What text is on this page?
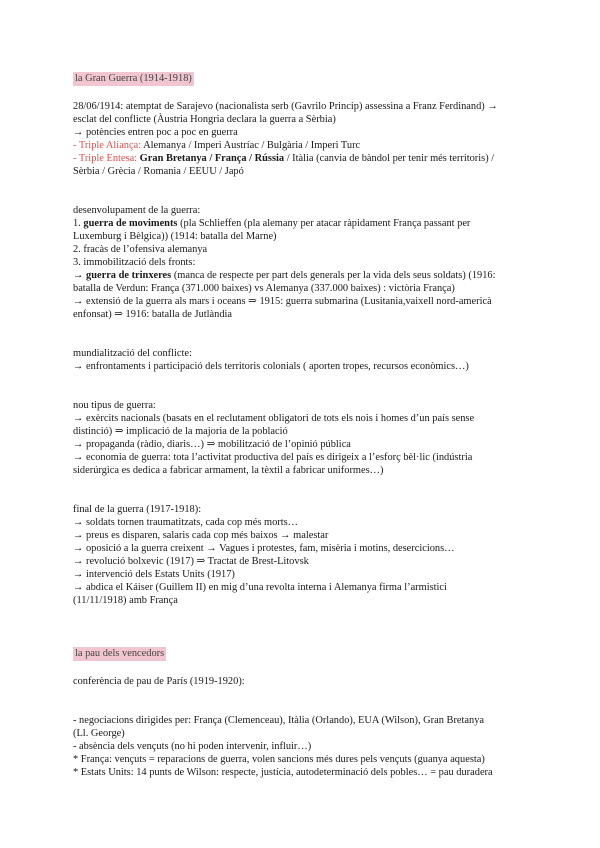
la Gran Guerra (1914-1918)

28/06/1914: atemptat de Sarajevo (nacionalista serb (Gavrilo Princip) assessina a Franz Ferdinand) →

esclat del conflicte (Àustria Hongria declara la guerra a Sèrbia)

→ potències entren poc a poc en guerra

- Triple Aliança: Alemanya / Imperi Austríac / Bulgària / Imperi Turc

- Triple Entesa: Gran Bretanya / França / Rússia / Itàlia (canvia de bàndol per tenir més territoris) /

Sèrbia / Grècia / Romania / EEUU / Japó

desenvolupament de la guerra:

1. guerra de moviments (pla Schlieffen (pla alemany per atacar ràpidament França passant per

Luxemburg i Bèlgica)) (1914: batalla del Marne)

2. fracàs de l’ofensiva alemanya

3. immobilització dels fronts:

→ guerra de trinxeres (manca de respecte per part dels generals per la vida dels seus soldats) (1916:

batalla de Verdun: França (371.000 baixes) vs Alemanya (337.000 baixes) : victòria França)

→ extensió de la guerra als mars i oceans ⇒ 1915: guerra submarina (Lusitania,vaixell nord-americà

enfonsat) ⇒ 1916: batalla de Jutlàndia

mundialització del conflicte:

→ enfrontaments i participació dels territoris colonials ( aporten tropes, recursos econòmics…)

nou tipus de guerra:

→ exèrcits nacionals (basats en el reclutament obligatori de tots els nois i homes d’un país sense

distinció) ⇒ implicació de la majoria de la població

→ propaganda (ràdio, diaris…) ⇒ mobilització de l’opinió pública

→ economia de guerra: tota l’activitat productiva del país es dirigeix a l’esforç bèl·lic (indústria

siderúrgica es dedica a fabricar armament, la tèxtil a fabricar uniformes…)

final de la guerra (1917-1918):

→ soldats tornen traumatitzats, cada cop més morts…

→ preus es disparen, salaris cada cop més baixos → malestar

→ oposició a la guerra creixent → Vagues i protestes, fam, misèria i motins, desercicions…

→ revolució bolxevic (1917) ⇒ Tractat de Brest-Litovsk

→ intervenció dels Estats Units (1917)

→ abdica el Káiser (Guillem II) en mig d’una revolta interna i Alemanya firma l’armistici

(11/11/1918) amb França

la pau dels vencedors

conferència de pau de París (1919-1920):

- negociacions dirigides per: França (Clemenceau), Itàlia (Orlando), EUA (Wilson), Gran Bretanya

(Ll. George)

- absència dels vençuts (no hi poden intervenir, influir…)

* França: vençuts = reparacions de guerra, volen sancions més dures pels vençuts (guanya aquesta)

* Estats Units: 14 punts de Wilson: respecte, justícia, autodeterminació dels pobles… = pau duradera
